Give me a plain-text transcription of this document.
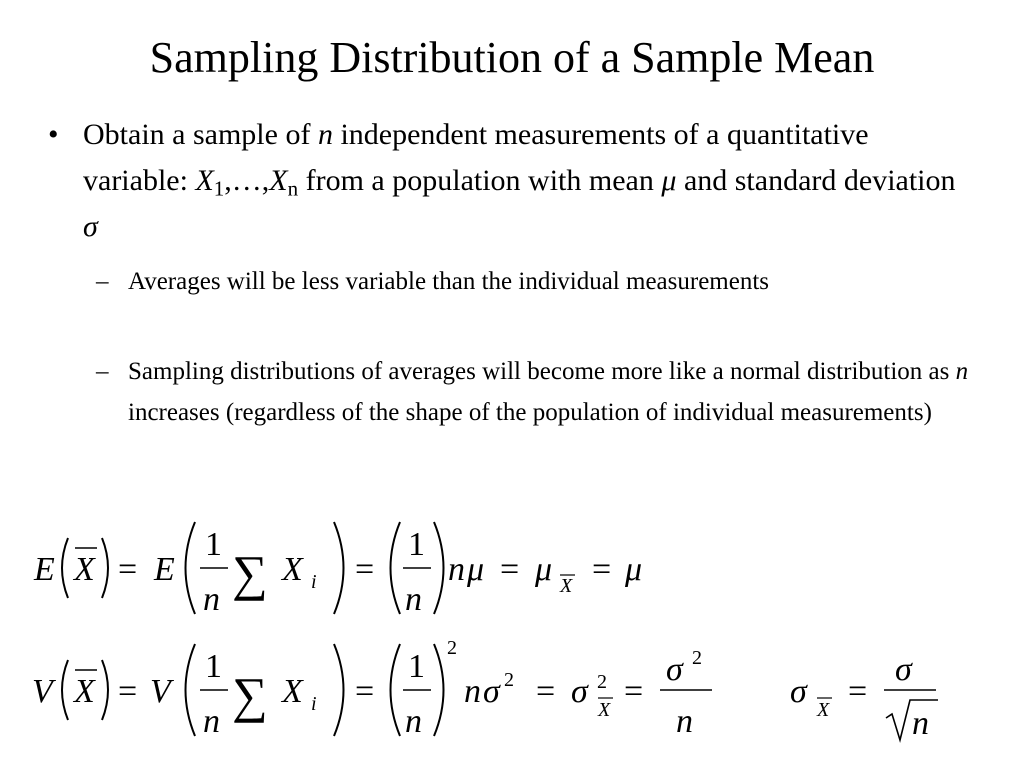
Sampling Distribution of a Sample Mean
• Obtain a sample of n independent measurements of a quantitative variable: $X_1,\dots,X_n$ from a population with mean μ and standard deviation σ
– Averages will be less variable than the individual measurements
– Sampling distributions of averages will become more like a normal distribution as n increases (regardless of the shape of the population of individual measurements)
E X = E
1
n ∑ X i =
1
n
n μ = μ X = μ
V X = V
1
n ∑ X i =
1
n
2
n σ 2 = σ 2
X =
σ 2
n
σ X =
σ
n
